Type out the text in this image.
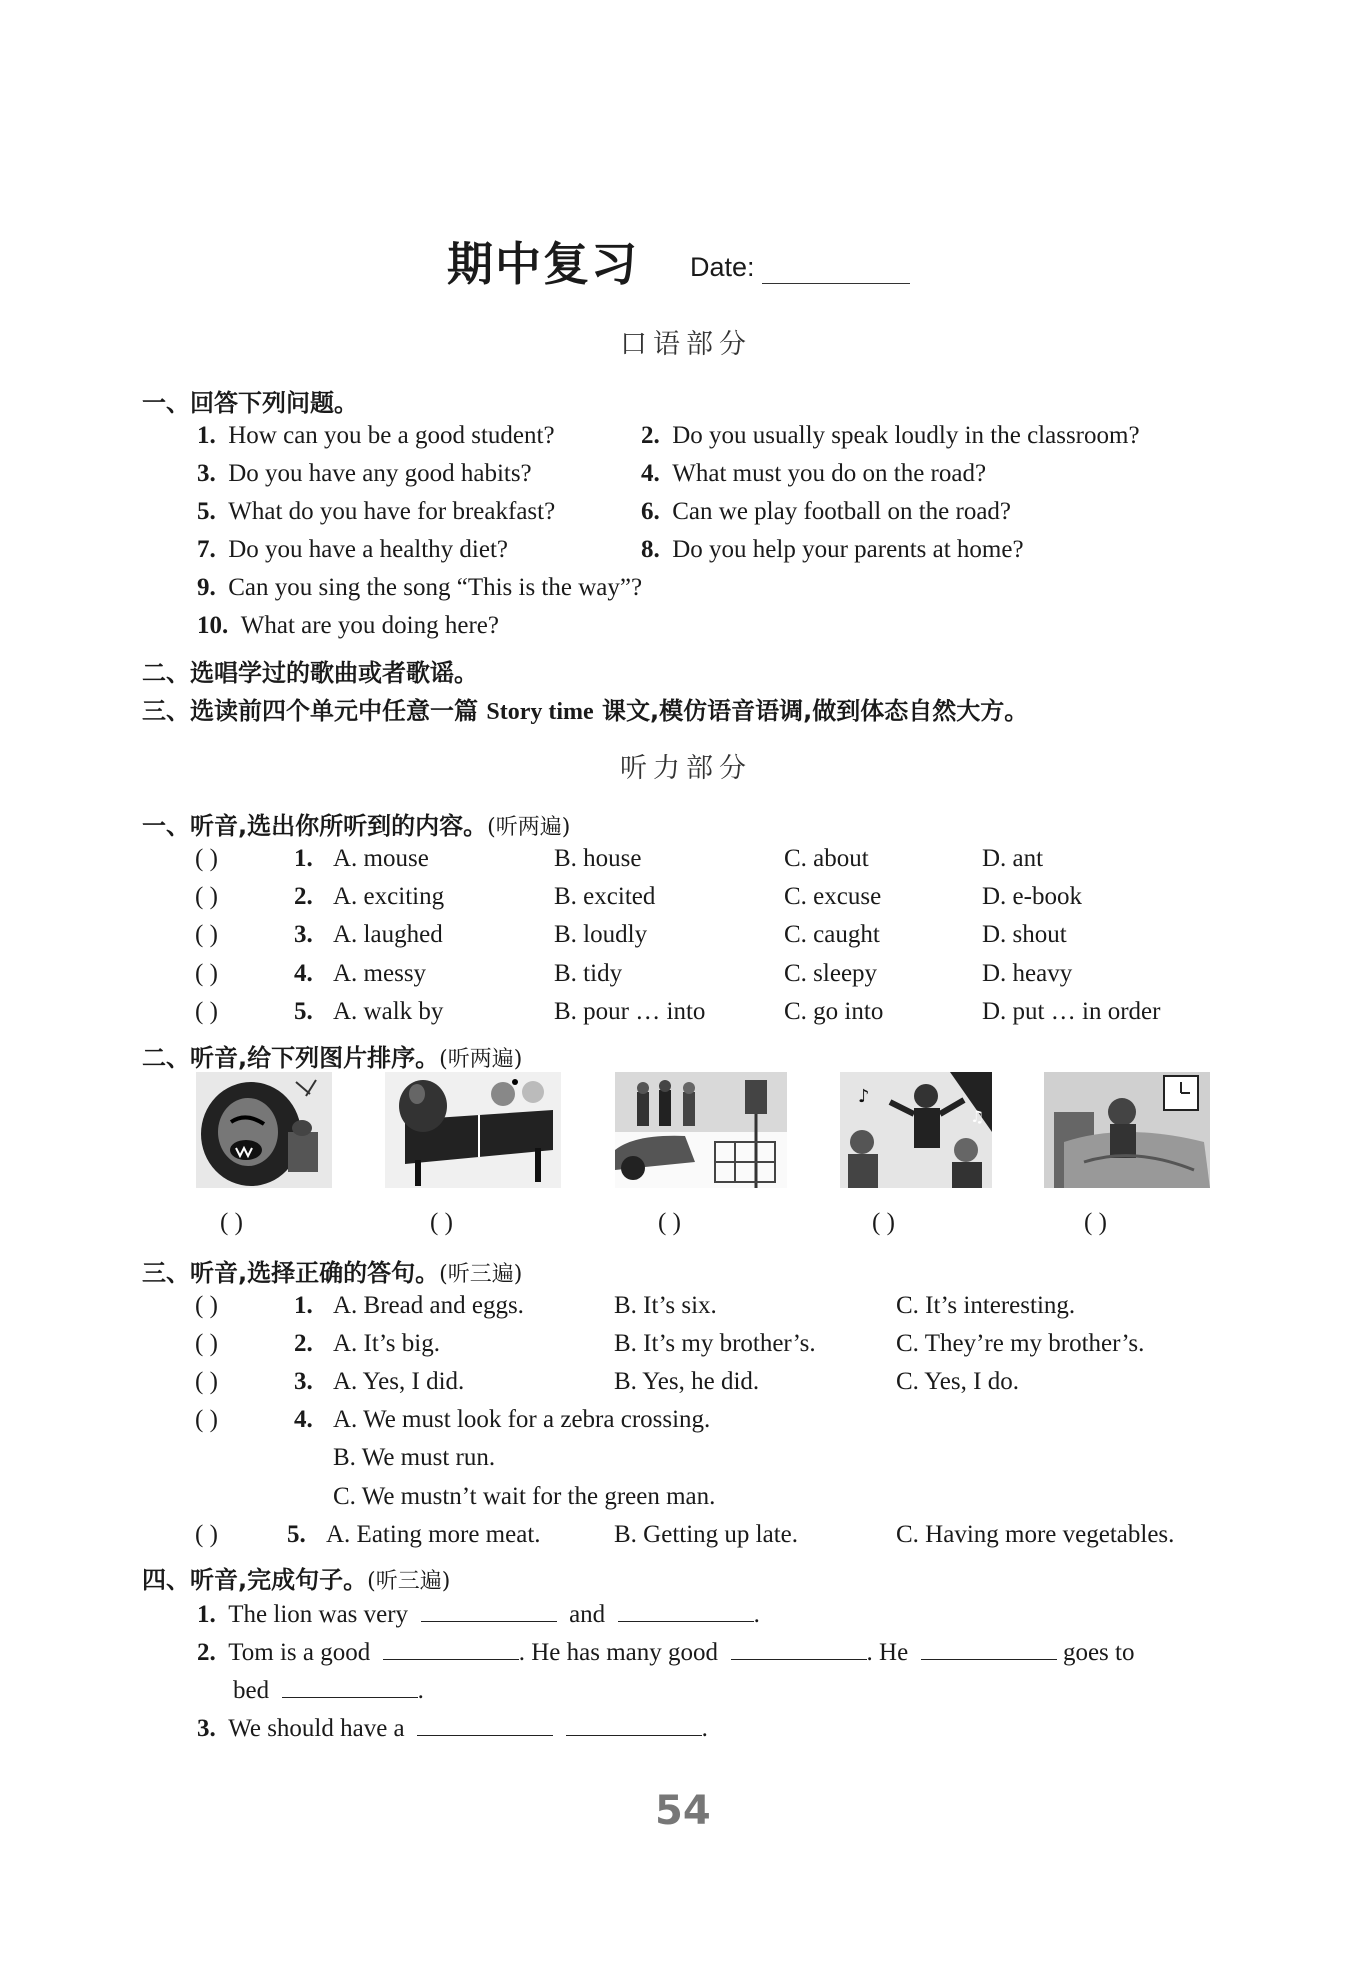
期中复习 Date:
口语部分
一、回答下列问题。
1. How can you be a good student?	2. Do you usually speak loudly in the classroom?
3. Do you have any good habits?	4. What must you do on the road?
5. What do you have for breakfast?	6. Can we play football on the road?
7. Do you have a healthy diet?	8. Do you help your parents at home?
9. Can you sing the song “This is the way”?
10. What are you doing here?
二、选唱学过的歌曲或者歌谣。
三、选读前四个单元中任意一篇 Story time 课文,模仿语音语调,做到体态自然大方。
听力部分
一、听音,选出你所听到的内容。(听两遍)
( )	1. A. mouse	B. house	C. about	D. ant
( )	2. A. exciting	B. excited	C. excuse	D. e-book
( )	3. A. laughed	B. loudly	C. caught	D. shout
( )	4. A. messy	B. tidy	C. sleepy	D. heavy
( )	5. A. walk by	B. pour … into	C. go into	D. put … in order
二、听音,给下列图片排序。(听两遍)
♪
♫
( )	( )	( )	( )	( )
三、听音,选择正确的答句。(听三遍)
( )	1. A. Bread and eggs.	B. It’s six.	C. It’s interesting.
( )	2. A. It’s big.	B. It’s my brother’s.	C. They’re my brother’s.
( )	3. A. Yes, I did.	B. Yes, he did.	C. Yes, I do.
( )	4. A. We must look for a zebra crossing.
B. We must run.
C. We mustn’t wait for the green man.
( )	5. A. Eating more meat.	B. Getting up late.	C. Having more vegetables.
四、听音,完成句子。(听三遍)
1. The lion was very	and	.
2. Tom is a good	. He has many good	. He	goes to
bed	.
3. We should have a	.
54
